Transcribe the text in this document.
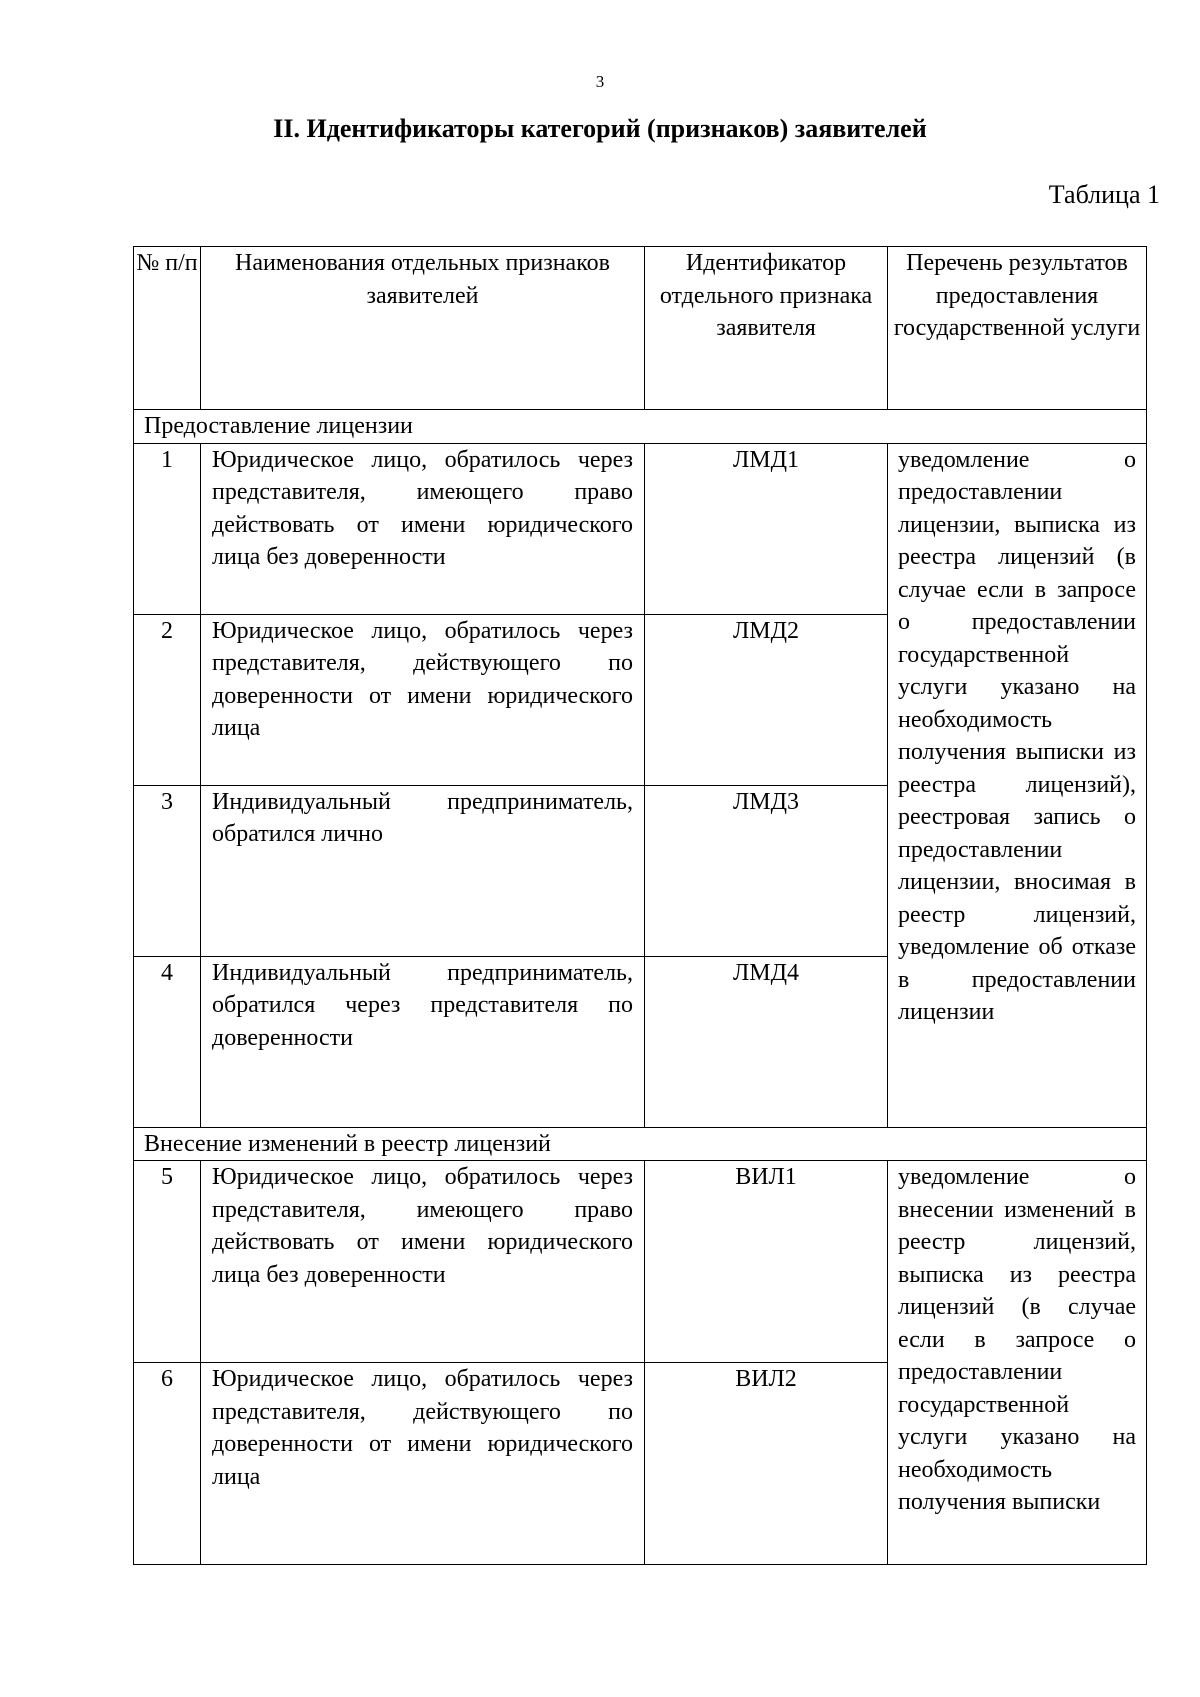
3
II. Идентификаторы категорий (признаков) заявителей
Таблица 1
№ п/п	Наименования отдельных признаков заявителей	Идентификатор отдельного признака заявителя	Перечень результатов предоставления государственной услуги
Предоставление лицензии			
1	Юридическое лицо, обратилось через представителя, имеющего право действовать от имени юридического лица без доверенности	ЛМД1	уведомление о предоставлении лицензии, выписка из реестра лицензий (в случае если в запросе о предоставлении государственной услуги указано на необходимость получения выписки из реестра лицензий), реестровая запись о предоставлении лицензии, вносимая в реестр лицензий, уведомление об отказе в предоставлении лицензии
2	Юридическое лицо, обратилось через представителя, действующего по доверенности от имени юридического лица	ЛМД2	
3	Индивидуальный предприниматель, обратился лично	ЛМД3	
4	Индивидуальный предприниматель, обратился через представителя по доверенности	ЛМД4	
Внесение изменений в реестр лицензий			
5	Юридическое лицо, обратилось через представителя, имеющего право действовать от имени юридического лица без доверенности	ВИЛ1	уведомление о внесении изменений в реестр лицензий, выписка из реестра лицензий (в случае если в запросе о предоставлении государственной услуги указано на необходимость получения выписки
6	Юридическое лицо, обратилось через представителя, действующего по доверенности от имени юридического лица	ВИЛ2	
